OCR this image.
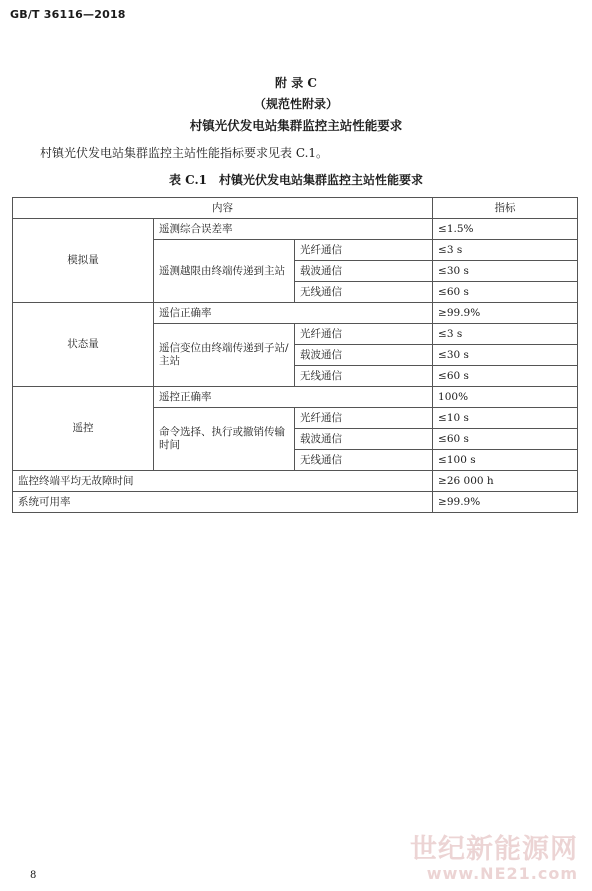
GB/T 36116—2018
附 录 C
（规范性附录）
村镇光伏发电站集群监控主站性能要求
村镇光伏发电站集群监控主站性能指标要求见表 C.1。
表 C.1　村镇光伏发电站集群监控主站性能要求
内容			指标
模拟量	遥测综合误差率		≤1.5%
	遥测越限由终端传递到主站	光纤通信	≤3 s
		载波通信	≤30 s
		无线通信	≤60 s
状态量	遥信正确率		≥99.9%
	遥信变位由终端传递到子站/主站	光纤通信	≤3 s
		载波通信	≤30 s
		无线通信	≤60 s
遥控	遥控正确率		100%
	命令选择、执行或撤销传输时间	光纤通信	≤10 s
		载波通信	≤60 s
		无线通信	≤100 s
监控终端平均无故障时间			≥26 000 h
系统可用率			≥99.9%
8
世纪新能源网
www.NE21.com
